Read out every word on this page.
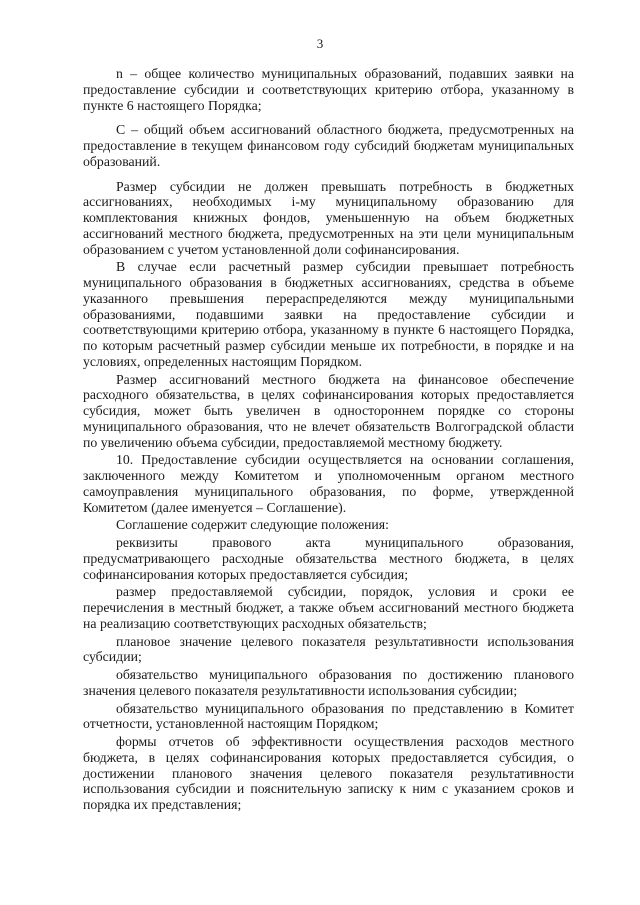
3

n – общее количество муниципальных образований, подавших заявки на предоставление субсидии и соответствующих критерию отбора, указанному в пункте 6 настоящего Порядка;

С – общий объем ассигнований областного бюджета, предусмотренных на предоставление в текущем финансовом году субсидий бюджетам муниципальных образований.

Размер субсидии не должен превышать потребность в бюджетных ассигнованиях, необходимых i-му муниципальному образованию для комплектования книжных фондов, уменьшенную на объем бюджетных ассигнований местного бюджета, предусмотренных на эти цели муниципальным образованием с учетом установленной доли софинансирования.

В случае если расчетный размер субсидии превышает потребность муниципального образования в бюджетных ассигнованиях, средства в объеме указанного превышения перераспределяются между муниципальными образованиями, подавшими заявки на предоставление субсидии и соответствующими критерию отбора, указанному в пункте 6 настоящего Порядка, по которым расчетный размер субсидии меньше их потребности, в порядке и на условиях, определенных настоящим Порядком.

Размер ассигнований местного бюджета на финансовое обеспечение расходного обязательства, в целях софинансирования которых предоставляется субсидия, может быть увеличен в одностороннем порядке со стороны муниципального образования, что не влечет обязательств Волгоградской области по увеличению объема субсидии, предоставляемой местному бюджету.

10. Предоставление субсидии осуществляется на основании соглашения, заключенного между Комитетом и уполномоченным органом местного самоуправления муниципального образования, по форме, утвержденной Комитетом (далее именуется – Соглашение).

Соглашение содержит следующие положения:

реквизиты правового акта муниципального образования, предусматривающего расходные обязательства местного бюджета, в целях софинансирования которых предоставляется субсидия;

размер предоставляемой субсидии, порядок, условия и сроки ее перечисления в местный бюджет, а также объем ассигнований местного бюджета на реализацию соответствующих расходных обязательств;

плановое значение целевого показателя результативности использования субсидии;

обязательство муниципального образования по достижению планового значения целевого показателя результативности использования субсидии;

обязательство муниципального образования по представлению в Комитет отчетности, установленной настоящим Порядком;

формы отчетов об эффективности осуществления расходов местного бюджета, в целях софинансирования которых предоставляется субсидия, о достижении планового значения целевого показателя результативности использования субсидии и пояснительную записку к ним с указанием сроков и порядка их представления;
